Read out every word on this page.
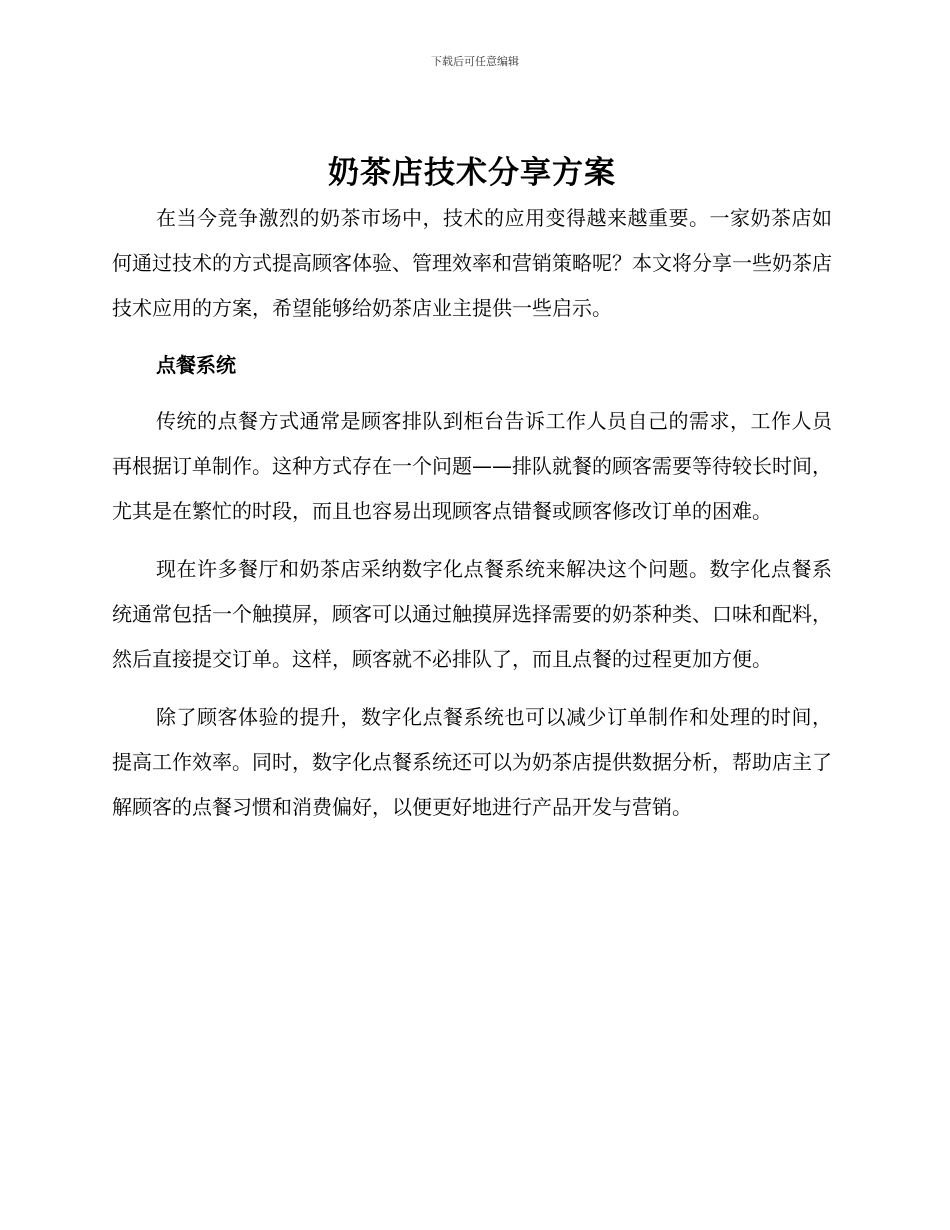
下载后可任意编辑
奶茶店技术分享方案

在当今竞争激烈的奶茶市场中，技术的应用变得越来越重要。一家奶茶店如何通过技术的方式提高顾客体验、管理效率和营销策略呢？本文将分享一些奶茶店技术应用的方案，希望能够给奶茶店业主提供一些启示。

点餐系统

传统的点餐方式通常是顾客排队到柜台告诉工作人员自己的需求，工作人员再根据订单制作。这种方式存在一个问题——排队就餐的顾客需要等待较长时间，尤其是在繁忙的时段，而且也容易出现顾客点错餐或顾客修改订单的困难。

现在许多餐厅和奶茶店采纳数字化点餐系统来解决这个问题。数字化点餐系统通常包括一个触摸屏，顾客可以通过触摸屏选择需要的奶茶种类、口味和配料，然后直接提交订单。这样，顾客就不必排队了，而且点餐的过程更加方便。

除了顾客体验的提升，数字化点餐系统也可以减少订单制作和处理的时间，提高工作效率。同时，数字化点餐系统还可以为奶茶店提供数据分析，帮助店主了解顾客的点餐习惯和消费偏好，以便更好地进行产品开发与营销。
